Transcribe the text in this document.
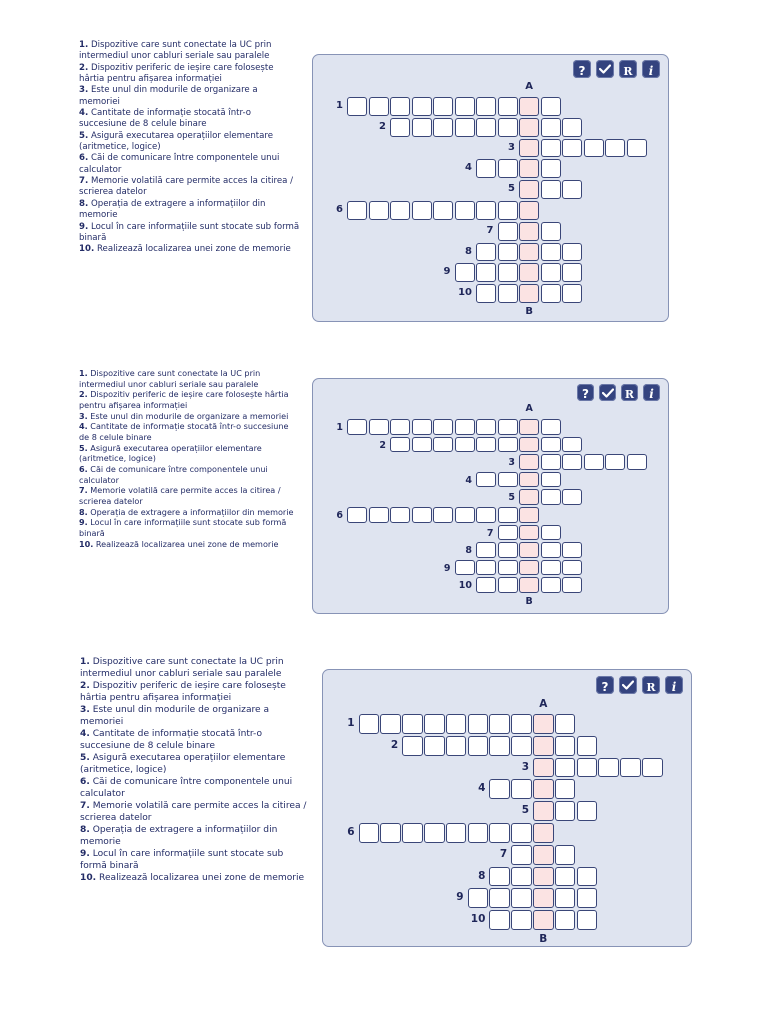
1. Dispozitive care sunt conectate la UC prin intermediul unor cabluri seriale sau paralele
2. Dispozitiv periferic de ieșire care folosește hârtia pentru afișarea informației
3. Este unul din modurile de organizare a memoriei
4. Cantitate de informație stocată într-o succesiune de 8 celule binare
5. Asigură executarea operațiilor elementare (aritmetice, logice)
6. Căi de comunicare între componentele unui calculator
7. Memorie volatilă care permite acces la citirea / scrierea datelor
8. Operația de extragere a informațiilor din memorie
9. Locul în care informațiile sunt stocate sub formă binară
10. Realizează localizarea unei zone de memorie
?	R i
A
1
2
3
4
5
6
7
8
9
10
B
1. Dispozitive care sunt conectate la UC prin intermediul unor cabluri seriale sau paralele
2. Dispozitiv periferic de ieșire care folosește hârtia pentru afișarea informației
3. Este unul din modurile de organizare a memoriei
4. Cantitate de informație stocată într-o succesiune de 8 celule binare
5. Asigură executarea operațiilor elementare (aritmetice, logice)
6. Căi de comunicare între componentele unui calculator
7. Memorie volatilă care permite acces la citirea / scrierea datelor
8. Operația de extragere a informațiilor din memorie
9. Locul în care informațiile sunt stocate sub formă binară
10. Realizează localizarea unei zone de memorie
?	R i
A
1
2
3
4
5
6
7
8
9
10
B
1. Dispozitive care sunt conectate la UC prin intermediul unor cabluri seriale sau paralele
2. Dispozitiv periferic de ieșire care folosește hârtia pentru afișarea informației
3. Este unul din modurile de organizare a memoriei
4. Cantitate de informație stocată într-o succesiune de 8 celule binare
5. Asigură executarea operațiilor elementare (aritmetice, logice)
6. Căi de comunicare între componentele unui calculator
7. Memorie volatilă care permite acces la citirea / scrierea datelor
8. Operația de extragere a informațiilor din memorie
9. Locul în care informațiile sunt stocate sub formă binară
10. Realizează localizarea unei zone de memorie
?	R i
A
1
2
3
4
5
6
7
8
9
10
B
